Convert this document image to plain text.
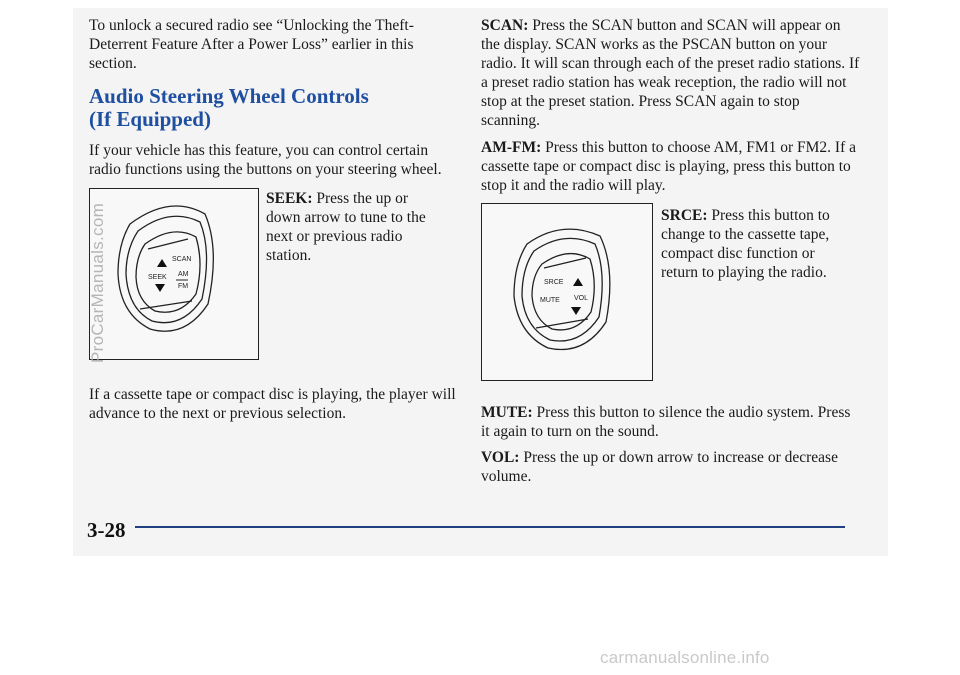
To unlock a secured radio see “Unlocking the Theft-Deterrent Feature After a Power Loss” earlier in this section.

Audio Steering Wheel Controls
(If Equipped)

If your vehicle has this feature, you can control certain radio functions using the buttons on your steering wheel.

SEEK
SCAN
AM
FM
ProCarManuals.com
SEEK: Press the up or down arrow to tune to the next or previous radio station.
If a cassette tape or compact disc is playing, the player will advance to the next or previous selection.

SCAN: Press the SCAN button and SCAN will appear on the display. SCAN works as the PSCAN button on your radio. It will scan through each of the preset radio stations. If a preset radio station has weak reception, the radio will not stop at the preset station. Press SCAN again to stop scanning.

AM-FM: Press this button to choose AM, FM1 or FM2. If a cassette tape or compact disc is playing, press this button to stop it and the radio will play.

SRCE
MUTE VOL
SRCE: Press this button to change to the cassette tape, compact disc function or return to playing the radio.

MUTE: Press this button to silence the audio system. Press it again to turn on the sound.

VOL: Press the up or down arrow to increase or decrease volume.

3-28
carmanualsonline.info
